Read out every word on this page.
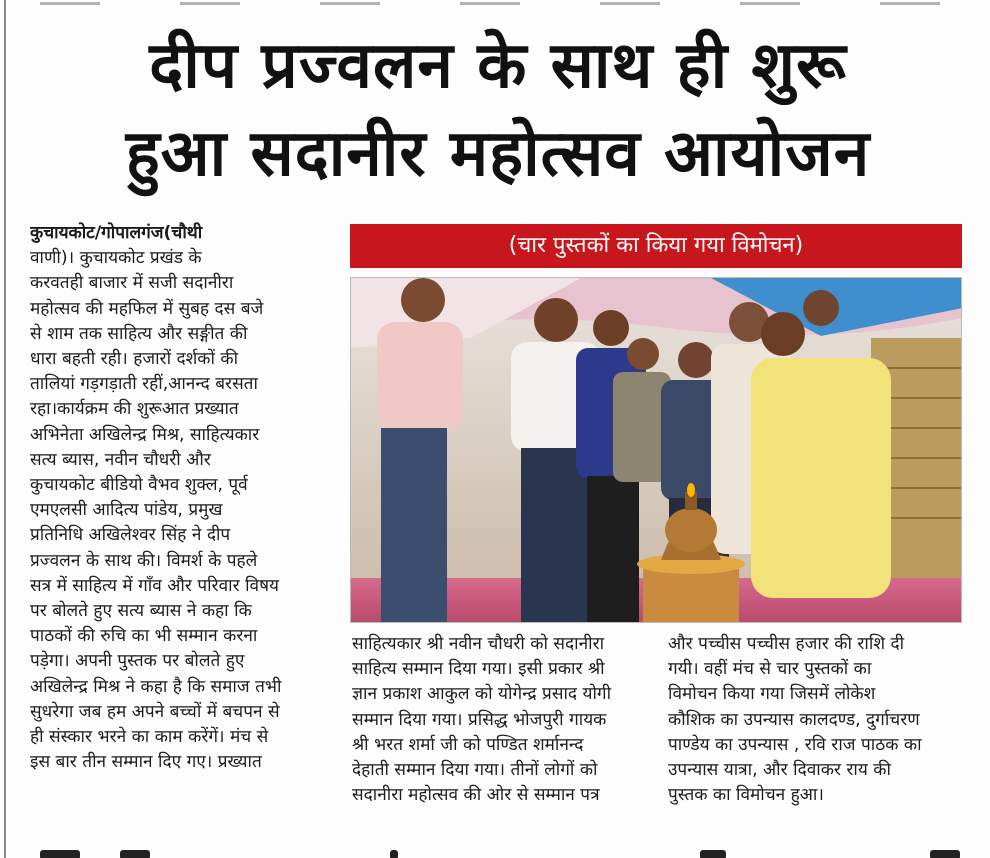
दीप प्रज्वलन के साथ ही शुरू
हुआ सदानीर महोत्सव आयोजन
कुचायकोट/गोपालगंज(चौथी
वाणी)। कुचायकोट प्रखंड के
करवतही बाजार में सजी सदानीरा
महोत्सव की महफिल में सुबह दस बजे
से शाम तक साहित्य और सङ्गीत की
धारा बहती रही। हजारों दर्शकों की
तालियां गड़गड़ाती रहीं,आनन्द बरसता
रहा।कार्यक्रम की शुरूआत प्रख्यात
अभिनेता अखिलेन्द्र मिश्र, साहित्यकार
सत्य ब्यास, नवीन चौधरी और
कुचायकोट बीडियो वैभव शुक्ल, पूर्व
एमएलसी आदित्य पांडेय, प्रमुख
प्रतिनिधि अखिलेश्वर सिंह ने दीप
प्रज्वलन के साथ की। विमर्श के पहले
सत्र में साहित्य में गाँव और परिवार विषय
पर बोलते हुए सत्य ब्यास ने कहा कि
पाठकों की रुचि का भी सम्मान करना
पड़ेगा। अपनी पुस्तक पर बोलते हुए
अखिलेन्द्र मिश्र ने कहा है कि समाज तभी
सुधरेगा जब हम अपने बच्चों में बचपन से
ही संस्कार भरने का काम करेंगें। मंच से
इस बार तीन सम्मान दिए गए। प्रख्यात
(चार पुस्तकों का किया गया विमोचन)
साहित्यकार श्री नवीन चौधरी को सदानीरा
साहित्य सम्मान दिया गया। इसी प्रकार श्री
ज्ञान प्रकाश आकुल को योगेन्द्र प्रसाद योगी
सम्मान दिया गया। प्रसिद्ध भोजपुरी गायक
श्री भरत शर्मा जी को पण्डित शर्मानन्द
देहाती सम्मान दिया गया। तीनों लोगों को
सदानीरा महोत्सव की ओर से सम्मान पत्र
और पच्चीस पच्चीस हजार की राशि दी
गयी। वहीं मंच से चार पुस्तकों का
विमोचन किया गया जिसमें लोकेश
कौशिक का उपन्यास कालदण्ड, दुर्गाचरण
पाण्डेय का उपन्यास , रवि राज पाठक का
उपन्यास यात्रा, और दिवाकर राय की
पुस्तक का विमोचन हुआ।
